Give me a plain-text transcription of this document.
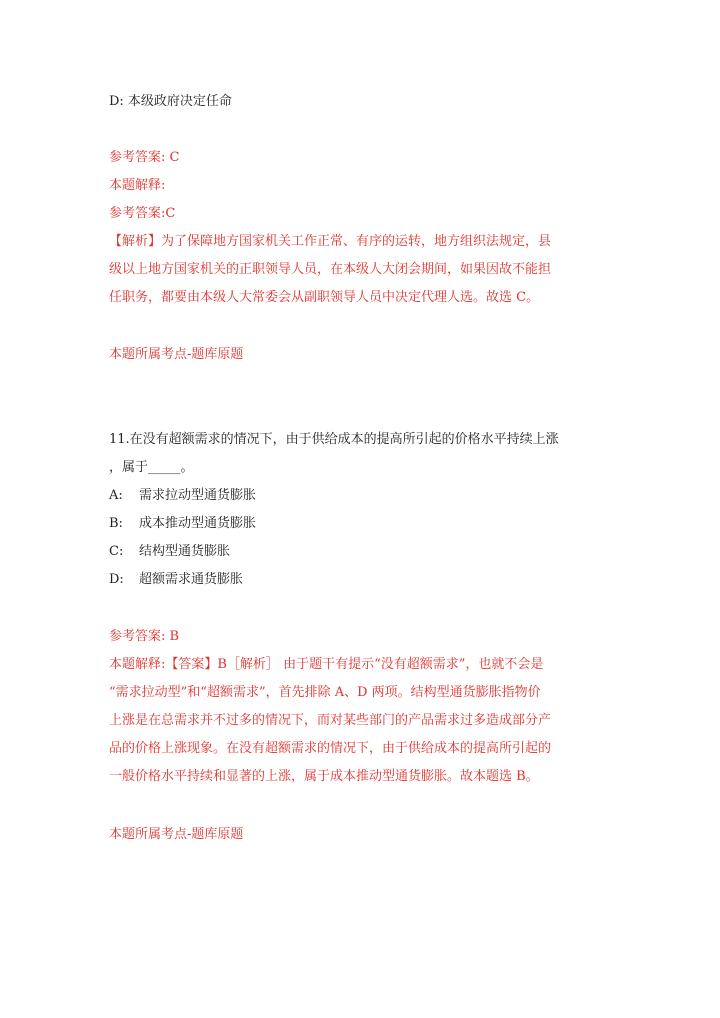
D: 本级政府决定任命
参考答案: C
本题解释:
参考答案:C
【解析】为了保障地方国家机关工作正常、有序的运转，地方组织法规定，县
级以上地方国家机关的正职领导人员，在本级人大闭会期间，如果因故不能担
任职务，都要由本级人大常委会从副职领导人员中决定代理人选。故选 C。
本题所属考点-题库原题
11.在没有超额需求的情况下，由于供给成本的提高所引起的价格水平持续上涨
，属于_____。
A: 需求拉动型通货膨胀
B: 成本推动型通货膨胀
C: 结构型通货膨胀
D: 超额需求通货膨胀
参考答案: B
本题解释:【答案】B［解析］ 由于题干有提示“没有超额需求”，也就不会是
“需求拉动型”和“超额需求”，首先排除 A、D 两项。结构型通货膨胀指物价
上涨是在总需求并不过多的情况下，而对某些部门的产品需求过多造成部分产
品的价格上涨现象。在没有超额需求的情况下，由于供给成本的提高所引起的
一般价格水平持续和显著的上涨，属于成本推动型通货膨胀。故本题选 B。
本题所属考点-题库原题
